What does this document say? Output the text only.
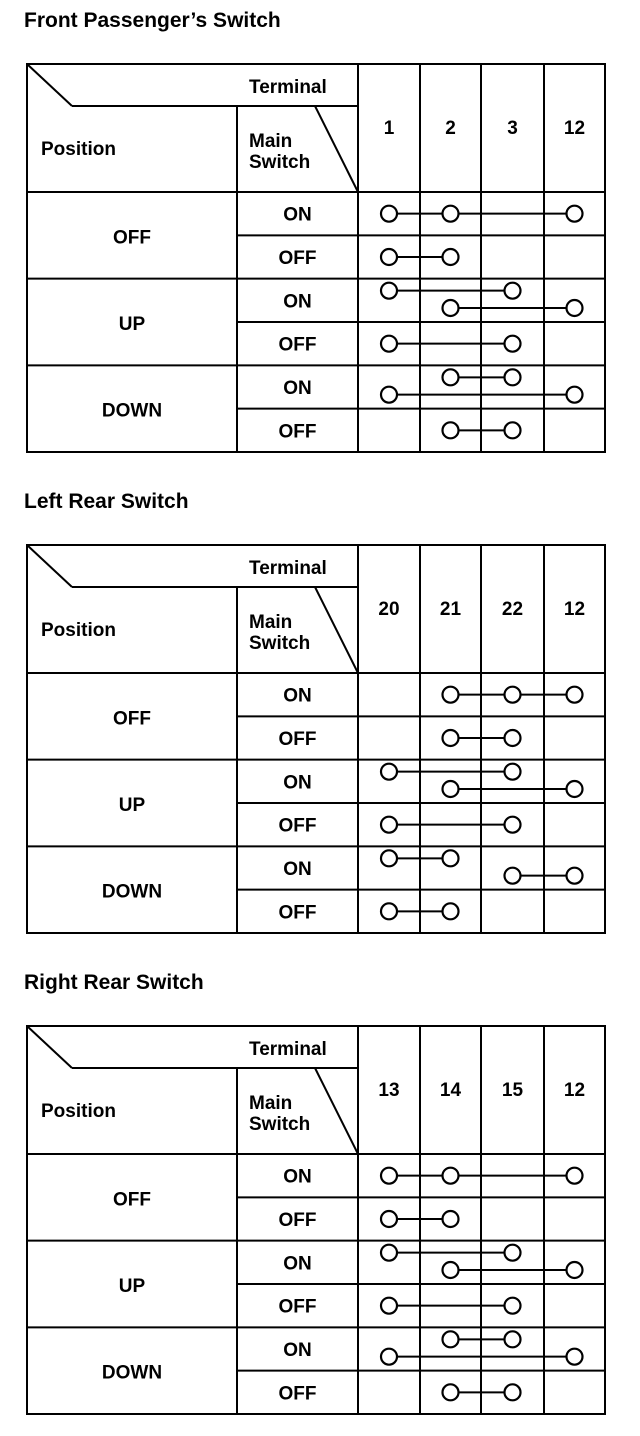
Front Passenger’s Switch
Terminal
Main
Switch
Position
1	2	3 12
OFF
ON
OFF
UP
ON
OFF
DOWN
ON
OFF
Left Rear Switch
Terminal
Main
Switch
Position
20 21 22 12
OFF
ON
OFF
UP
ON
OFF
DOWN
ON
OFF
Right Rear Switch
Terminal
Main
Switch
Position
13 14 15 12
OFF
ON
OFF
UP
ON
OFF
DOWN
ON
OFF
